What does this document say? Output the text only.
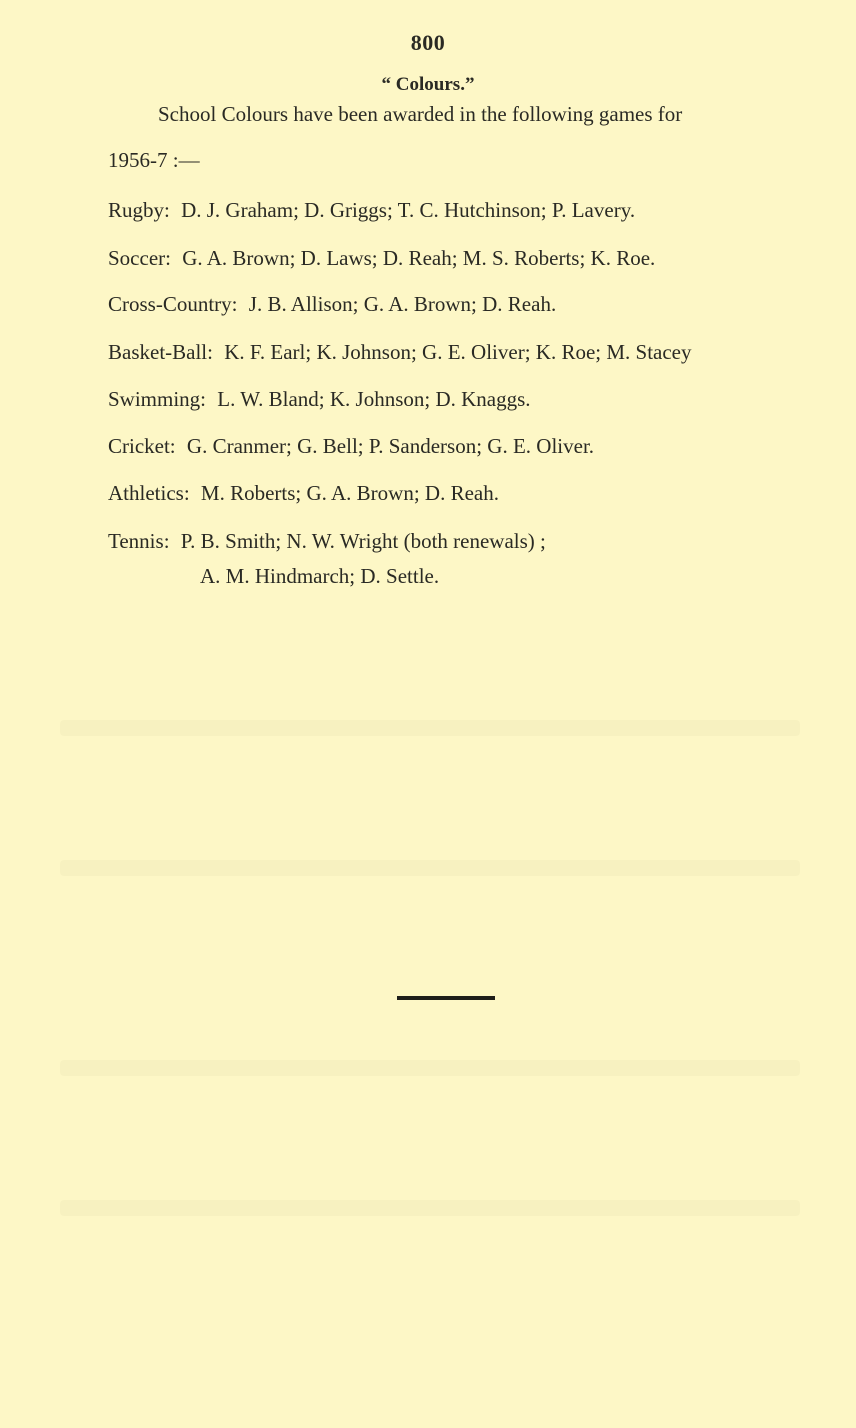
800
“ Colours.”
School Colours have been awarded in the following games for
1956-7 :—
Rugby: D. J. Graham; D. Griggs; T. C. Hutchinson; P. Lavery.
Soccer: G. A. Brown; D. Laws; D. Reah; M. S. Roberts; K. Roe.
Cross-Country: J. B. Allison; G. A. Brown; D. Reah.
Basket-Ball: K. F. Earl; K. Johnson; G. E. Oliver; K. Roe; M. Stacey
Swimming: L. W. Bland; K. Johnson; D. Knaggs.
Cricket: G. Cranmer; G. Bell; P. Sanderson; G. E. Oliver.
Athletics: M. Roberts; G. A. Brown; D. Reah.
Tennis: P. B. Smith; N. W. Wright (both renewals) ;
A. M. Hindmarch; D. Settle.
